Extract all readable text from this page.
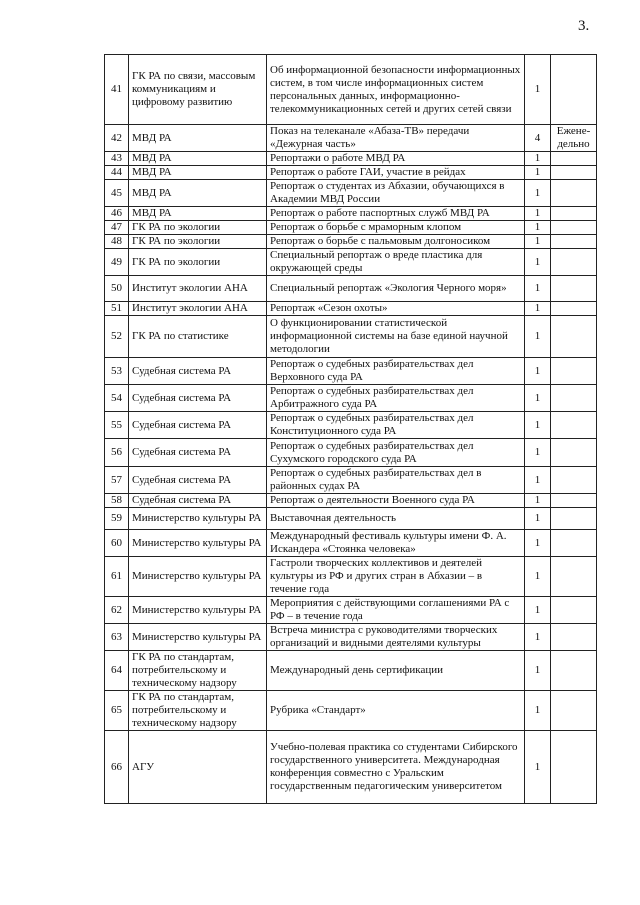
3.
41	ГК РА по связи, массовым коммуникациям и цифровому развитию	Об информационной безопасности информационных систем, в том числе информационных систем персональных данных, информационно-телекоммуникационных сетей и других сетей связи	1	
42	МВД РА	Показ на телеканале «Абаза-ТВ» передачи «Дежурная часть»	4	Ежене-дельно
43	МВД РА	Репортажи о работе МВД РА	1	
44	МВД РА	Репортаж о работе ГАИ, участие в рейдах	1	
45	МВД РА	Репортаж о студентах из Абхазии, обучающихся в Академии МВД России	1	
46	МВД РА	Репортаж о работе паспортных служб МВД РА	1	
47	ГК РА по экологии	Репортаж о борьбе с мраморным клопом	1	
48	ГК РА по экологии	Репортаж о борьбе с пальмовым долгоносиком	1	
49	ГК РА по экологии	Специальный репортаж о вреде пластика для окружающей среды	1	
50	Институт экологии АНА	Специальный репортаж «Экология Черного моря»	1	
51	Институт экологии АНА	Репортаж «Сезон охоты»	1	
52	ГК РА по статистике	О функционировании статистической информационной системы на базе единой научной методологии	1	
53	Судебная система РА	Репортаж о судебных разбирательствах дел Верховного суда РА	1	
54	Судебная система РА	Репортаж о судебных разбирательствах дел Арбитражного суда РА	1	
55	Судебная система РА	Репортаж о судебных разбирательствах дел Конституционного суда РА	1	
56	Судебная система РА	Репортаж о судебных разбирательствах дел Сухумского городского суда РА	1	
57	Судебная система РА	Репортаж о судебных разбирательствах дел в районных судах РА	1	
58	Судебная система РА	Репортаж о деятельности Военного суда РА	1	
59	Министерство культуры РА	Выставочная деятельность	1	
60	Министерство культуры РА	Международный фестиваль культуры имени Ф. А. Искандера «Стоянка человека»	1	
61	Министерство культуры РА	Гастроли творческих коллективов и деятелей культуры из РФ и других стран в Абхазии – в течение года	1	
62	Министерство культуры РА	Мероприятия с действующими соглашениями РА с РФ – в течение года	1	
63	Министерство культуры РА	Встреча министра с руководителями творческих организаций и видными деятелями культуры	1	
64	ГК РА по стандартам, потребительскому и техническому надзору	Международный день сертификации	1	
65	ГК РА по стандартам, потребительскому и техническому надзору	Рубрика «Стандарт»	1	
66	АГУ	Учебно-полевая практика со студентами Сибирского государственного университета. Международная конференция совместно с Уральским государственным педагогическим университетом	1	
